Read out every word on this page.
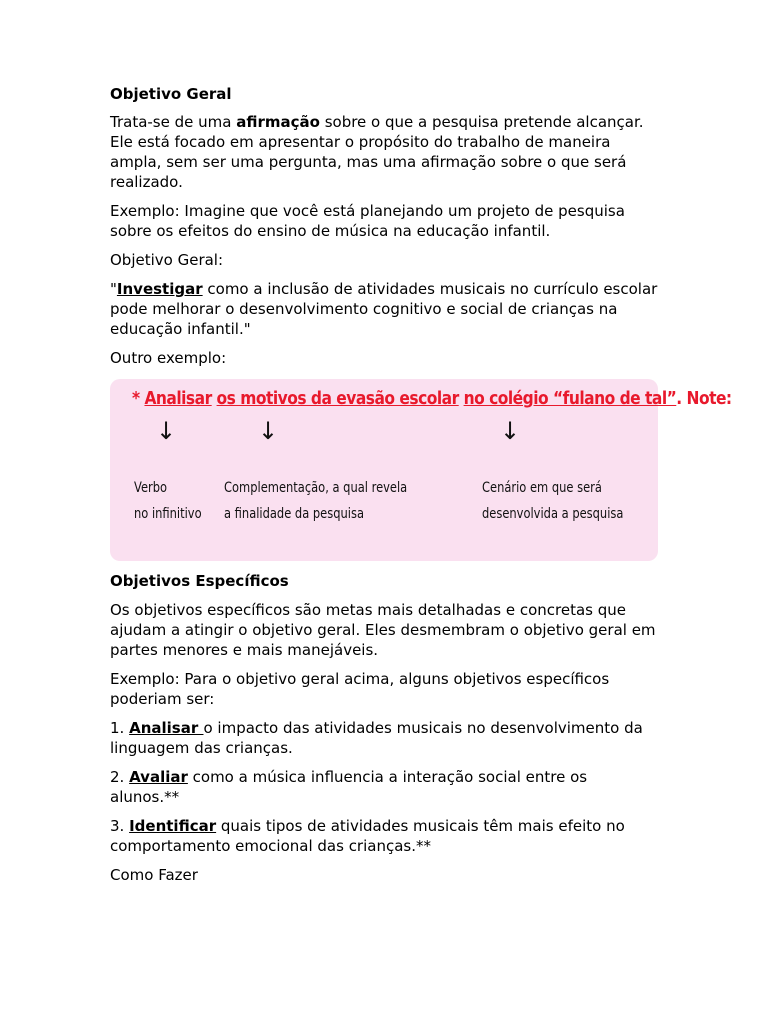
Objetivo Geral

Trata-se de uma afirmação sobre o que a pesquisa pretende alcançar. Ele está focado em apresentar o propósito do trabalho de maneira ampla, sem ser uma pergunta, mas uma afirmação sobre o que será realizado.

Exemplo: Imagine que você está planejando um projeto de pesquisa sobre os efeitos do ensino de música na educação infantil.

Objetivo Geral:

"Investigar como a inclusão de atividades musicais no currículo escolar pode melhorar o desenvolvimento cognitivo e social de crianças na educação infantil."

Outro exemplo:

* Analisar os motivos da evasão escolar no colégio “fulano de tal”. Note:
↓	↓	↓
Verbo
no infinitivo
Complementação, a qual revela
a finalidade da pesquisa
Cenário em que será
desenvolvida a pesquisa
Objetivos Específicos

Os objetivos específicos são metas mais detalhadas e concretas que ajudam a atingir o objetivo geral. Eles desmembram o objetivo geral em partes menores e mais manejáveis.

Exemplo: Para o objetivo geral acima, alguns objetivos específicos poderiam ser:

1. Analisar o impacto das atividades musicais no desenvolvimento da linguagem das crianças.

2. Avaliar como a música influencia a interação social entre os alunos.**

3. Identificar quais tipos de atividades musicais têm mais efeito no comportamento emocional das crianças.**

Como Fazer
